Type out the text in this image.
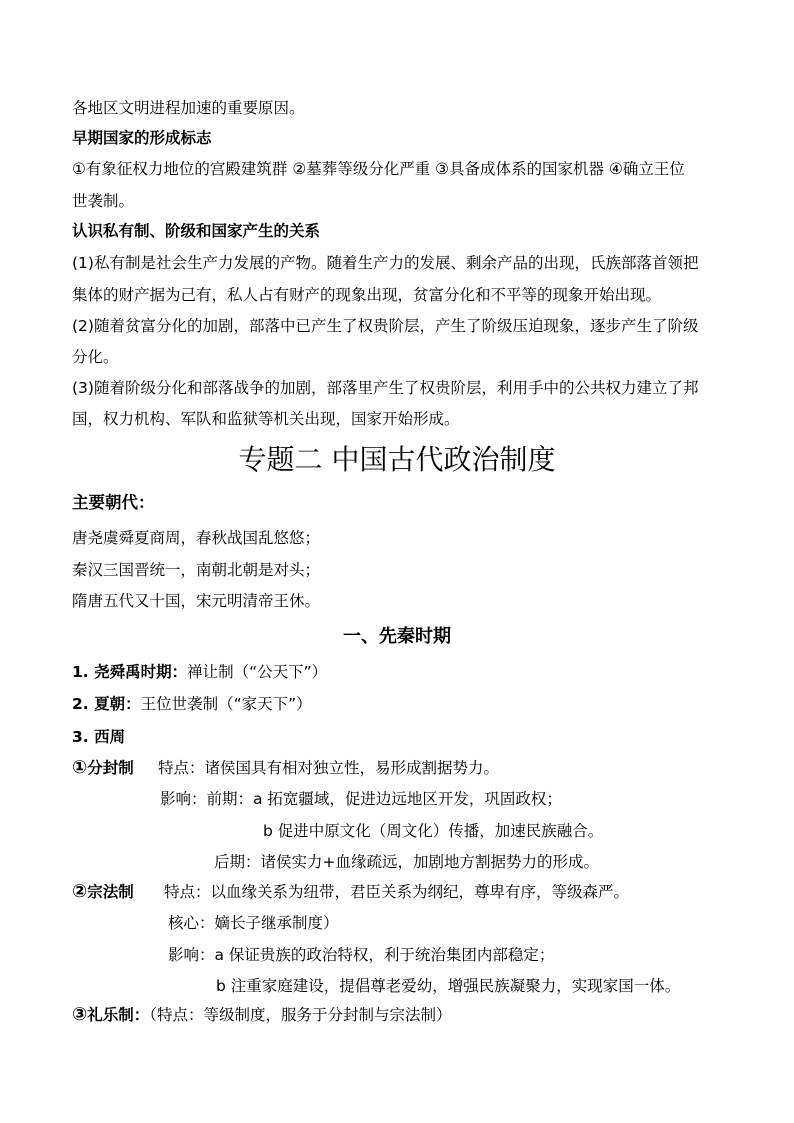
各地区文明进程加速的重要原因。
早期国家的形成标志
①有象征权力地位的宫殿建筑群 ②墓葬等级分化严重 ③具备成体系的国家机器 ④确立王位
世袭制。
认识私有制、阶级和国家产生的关系
(1)私有制是社会生产力发展的产物。随着生产力的发展、剩余产品的出现，氏族部落首领把
集体的财产据为己有，私人占有财产的现象出现，贫富分化和不平等的现象开始出现。
(2)随着贫富分化的加剧，部落中已产生了权贵阶层，产生了阶级压迫现象，逐步产生了阶级
分化。
(3)随着阶级分化和部落战争的加剧，部落里产生了权贵阶层，利用手中的公共权力建立了邦
国，权力机构、军队和监狱等机关出现，国家开始形成。
专题二 中国古代政治制度
主要朝代：
唐尧虞舜夏商周，春秋战国乱悠悠；
秦汉三国晋统一，南朝北朝是对头；
隋唐五代又十国，宋元明清帝王休。
一、先秦时期
1. 尧舜禹时期：禅让制（“公天下”）
2. 夏朝：王位世袭制（“家天下”）
3. 西周
①分封制 特点：诸侯国具有相对独立性，易形成割据势力。
影响：前期：a 拓宽疆域，促进边远地区开发，巩固政权；
b 促进中原文化（周文化）传播，加速民族融合。
后期：诸侯实力+血缘疏远，加剧地方割据势力的形成。
②宗法制 特点：以血缘关系为纽带，君臣关系为纲纪，尊卑有序，等级森严。
核心：嫡长子继承制度）
影响：a 保证贵族的政治特权，利于统治集团内部稳定；
b 注重家庭建设，提倡尊老爱幼，增强民族凝聚力，实现家国一体。
③礼乐制：（特点：等级制度，服务于分封制与宗法制）
